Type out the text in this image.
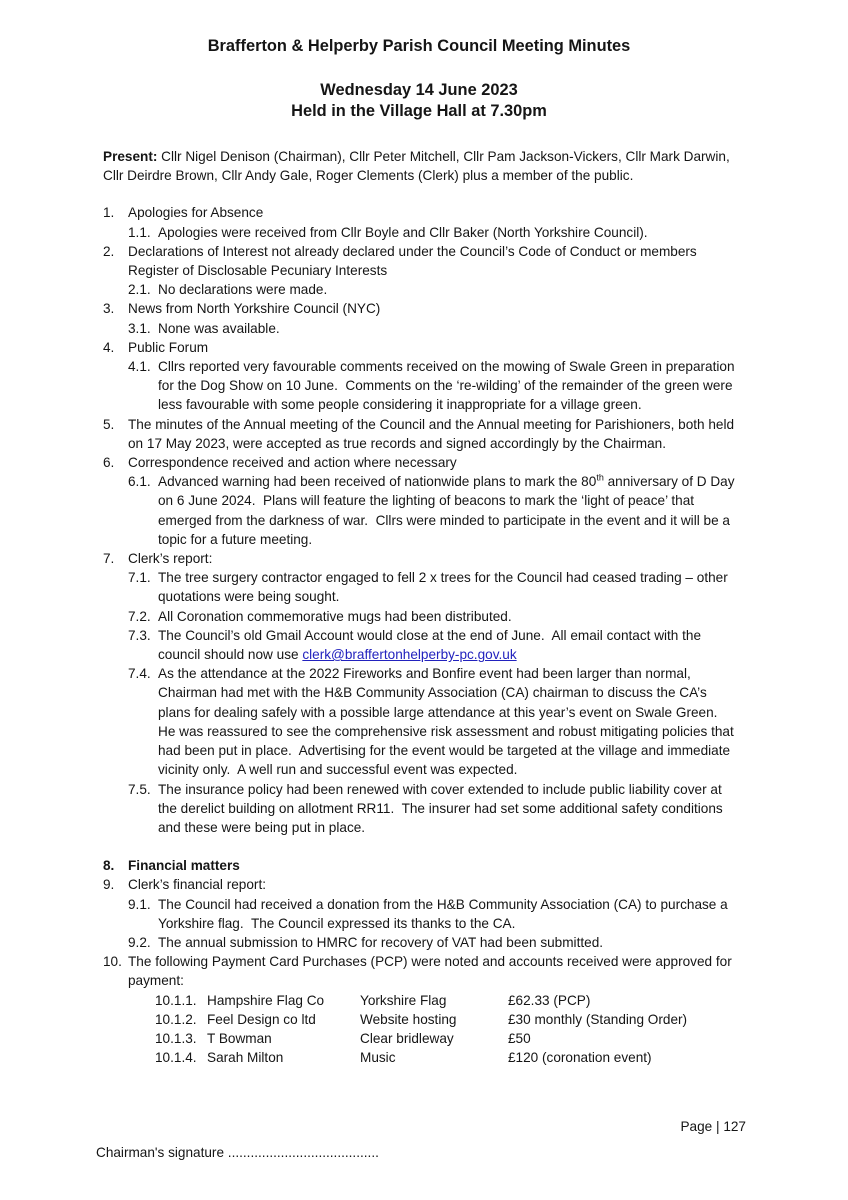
Brafferton & Helperby Parish Council Meeting Minutes
Wednesday 14 June 2023
Held in the Village Hall at 7.30pm
Present: Cllr Nigel Denison (Chairman), Cllr Peter Mitchell, Cllr Pam Jackson-Vickers, Cllr Mark Darwin, Cllr Deirdre Brown, Cllr Andy Gale, Roger Clements (Clerk) plus a member of the public.
1.	Apologies for Absence
1.1. Apologies were received from Cllr Boyle and Cllr Baker (North Yorkshire Council).
2.	Declarations of Interest not already declared under the Council’s Code of Conduct or members Register of Disclosable Pecuniary Interests
2.1. No declarations were made.
3.	News from North Yorkshire Council (NYC)
3.1. None was available.
4.	Public Forum
4.1. Cllrs reported very favourable comments received on the mowing of Swale Green in preparation for the Dog Show on 10 June.  Comments on the ‘re-wilding’ of the remainder of the green were less favourable with some people considering it inappropriate for a village green.
5.	The minutes of the Annual meeting of the Council and the Annual meeting for Parishioners, both held on 17 May 2023, were accepted as true records and signed accordingly by the Chairman.
6.	Correspondence received and action where necessary
6.1. Advanced warning had been received of nationwide plans to mark the 80th anniversary of D Day on 6 June 2024.  Plans will feature the lighting of beacons to mark the ‘light of peace’ that emerged from the darkness of war.  Cllrs were minded to participate in the event and it will be a topic for a future meeting.
7.	Clerk’s report:
7.1. The tree surgery contractor engaged to fell 2 x trees for the Council had ceased trading – other quotations were being sought.
7.2. All Coronation commemorative mugs had been distributed.
7.3. The Council’s old Gmail Account would close at the end of June.  All email contact with the council should now use clerk@braffertonhelperby-pc.gov.uk
7.4. As the attendance at the 2022 Fireworks and Bonfire event had been larger than normal, Chairman had met with the H&B Community Association (CA) chairman to discuss the CA’s plans for dealing safely with a possible large attendance at this year’s event on Swale Green.  He was reassured to see the comprehensive risk assessment and robust mitigating policies that had been put in place.  Advertising for the event would be targeted at the village and immediate vicinity only.  A well run and successful event was expected.
7.5. The insurance policy had been renewed with cover extended to include public liability cover at the derelict building on allotment RR11.  The insurer had set some additional safety conditions and these were being put in place.
8.	Financial matters
9.	Clerk’s financial report:
9.1. The Council had received a donation from the H&B Community Association (CA) to purchase a Yorkshire flag.  The Council expressed its thanks to the CA.
9.2. The annual submission to HMRC for recovery of VAT had been submitted.
10. The following Payment Card Purchases (PCP) were noted and accounts received were approved for payment:
10.1.1. Hampshire Flag Co	Yorkshire Flag	£62.33 (PCP)
10.1.2. Feel Design co ltd	Website hosting	£30 monthly (Standing Order)
10.1.3. T Bowman	Clear bridleway	£50
10.1.4. Sarah Milton	Music	£120 (coronation event)
Page | 127
Chairman's signature ........................................
